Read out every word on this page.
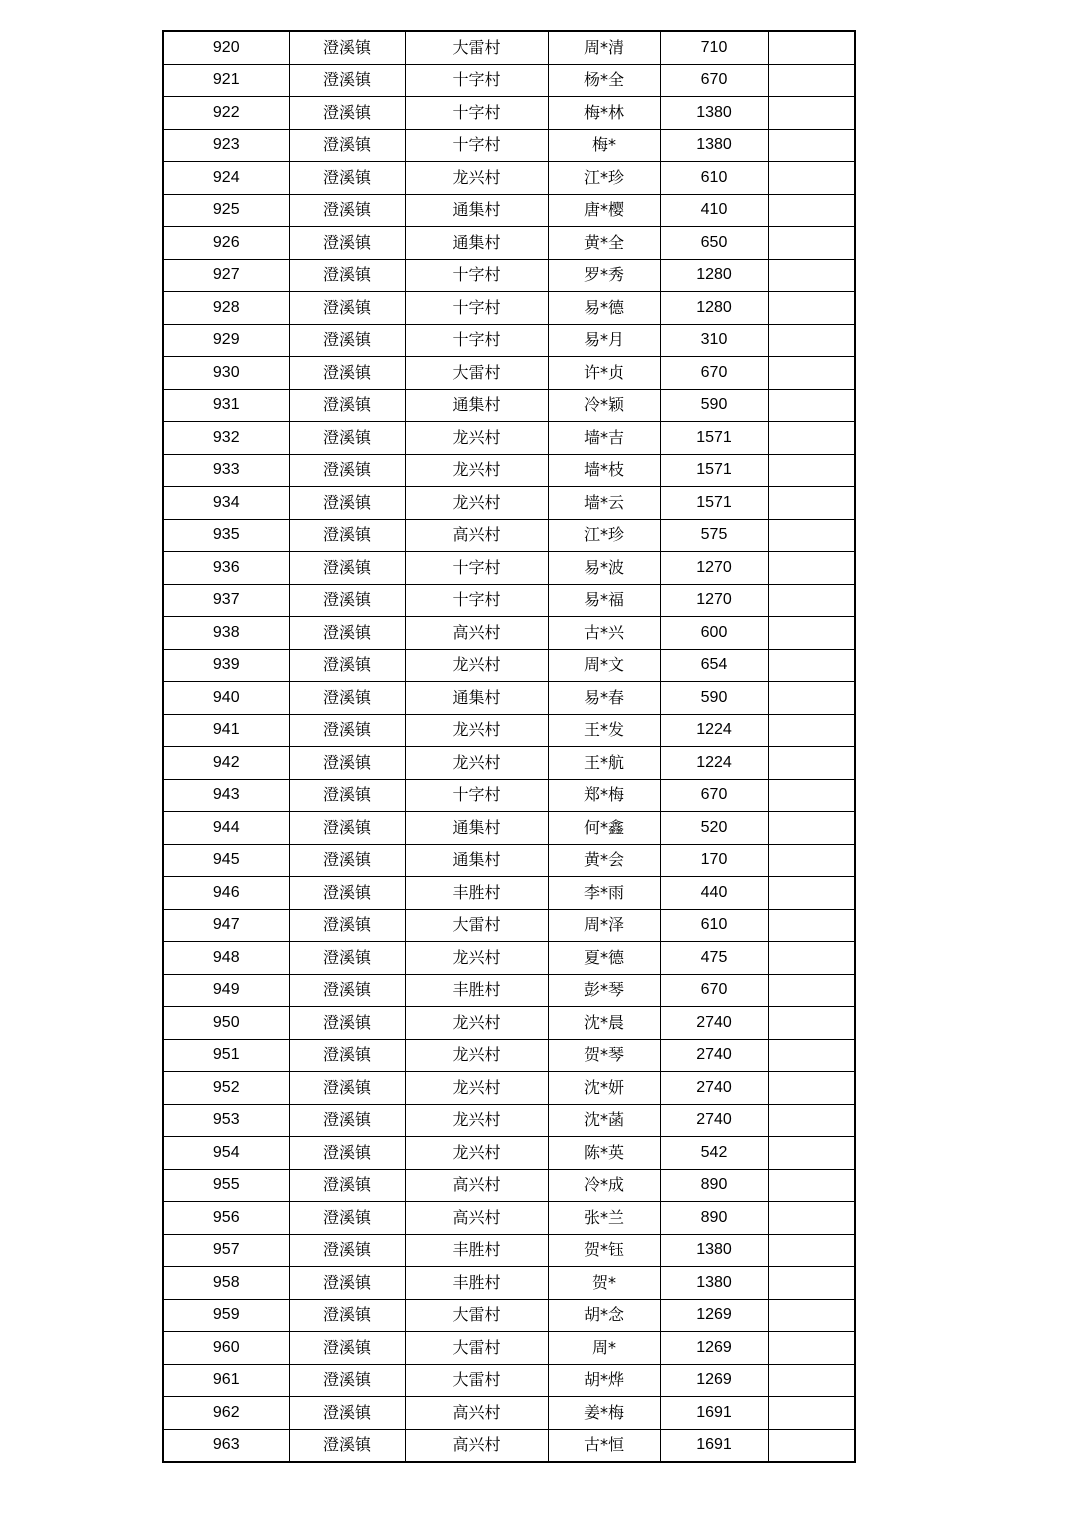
920	澄溪镇	大雷村	周*清	710	
921	澄溪镇	十字村	杨*全	670	
922	澄溪镇	十字村	梅*林	1380	
923	澄溪镇	十字村	梅*	1380	
924	澄溪镇	龙兴村	江*珍	610	
925	澄溪镇	通集村	唐*樱	410	
926	澄溪镇	通集村	黄*全	650	
927	澄溪镇	十字村	罗*秀	1280	
928	澄溪镇	十字村	易*德	1280	
929	澄溪镇	十字村	易*月	310	
930	澄溪镇	大雷村	许*贞	670	
931	澄溪镇	通集村	冷*颖	590	
932	澄溪镇	龙兴村	墙*吉	1571	
933	澄溪镇	龙兴村	墙*枝	1571	
934	澄溪镇	龙兴村	墙*云	1571	
935	澄溪镇	高兴村	江*珍	575	
936	澄溪镇	十字村	易*波	1270	
937	澄溪镇	十字村	易*福	1270	
938	澄溪镇	高兴村	古*兴	600	
939	澄溪镇	龙兴村	周*文	654	
940	澄溪镇	通集村	易*春	590	
941	澄溪镇	龙兴村	王*发	1224	
942	澄溪镇	龙兴村	王*航	1224	
943	澄溪镇	十字村	郑*梅	670	
944	澄溪镇	通集村	何*鑫	520	
945	澄溪镇	通集村	黄*会	170	
946	澄溪镇	丰胜村	李*雨	440	
947	澄溪镇	大雷村	周*泽	610	
948	澄溪镇	龙兴村	夏*德	475	
949	澄溪镇	丰胜村	彭*琴	670	
950	澄溪镇	龙兴村	沈*晨	2740	
951	澄溪镇	龙兴村	贺*琴	2740	
952	澄溪镇	龙兴村	沈*妍	2740	
953	澄溪镇	龙兴村	沈*菡	2740	
954	澄溪镇	龙兴村	陈*英	542	
955	澄溪镇	高兴村	冷*成	890	
956	澄溪镇	高兴村	张*兰	890	
957	澄溪镇	丰胜村	贺*钰	1380	
958	澄溪镇	丰胜村	贺*	1380	
959	澄溪镇	大雷村	胡*念	1269	
960	澄溪镇	大雷村	周*	1269	
961	澄溪镇	大雷村	胡*烨	1269	
962	澄溪镇	高兴村	姜*梅	1691	
963	澄溪镇	高兴村	古*恒	1691	
